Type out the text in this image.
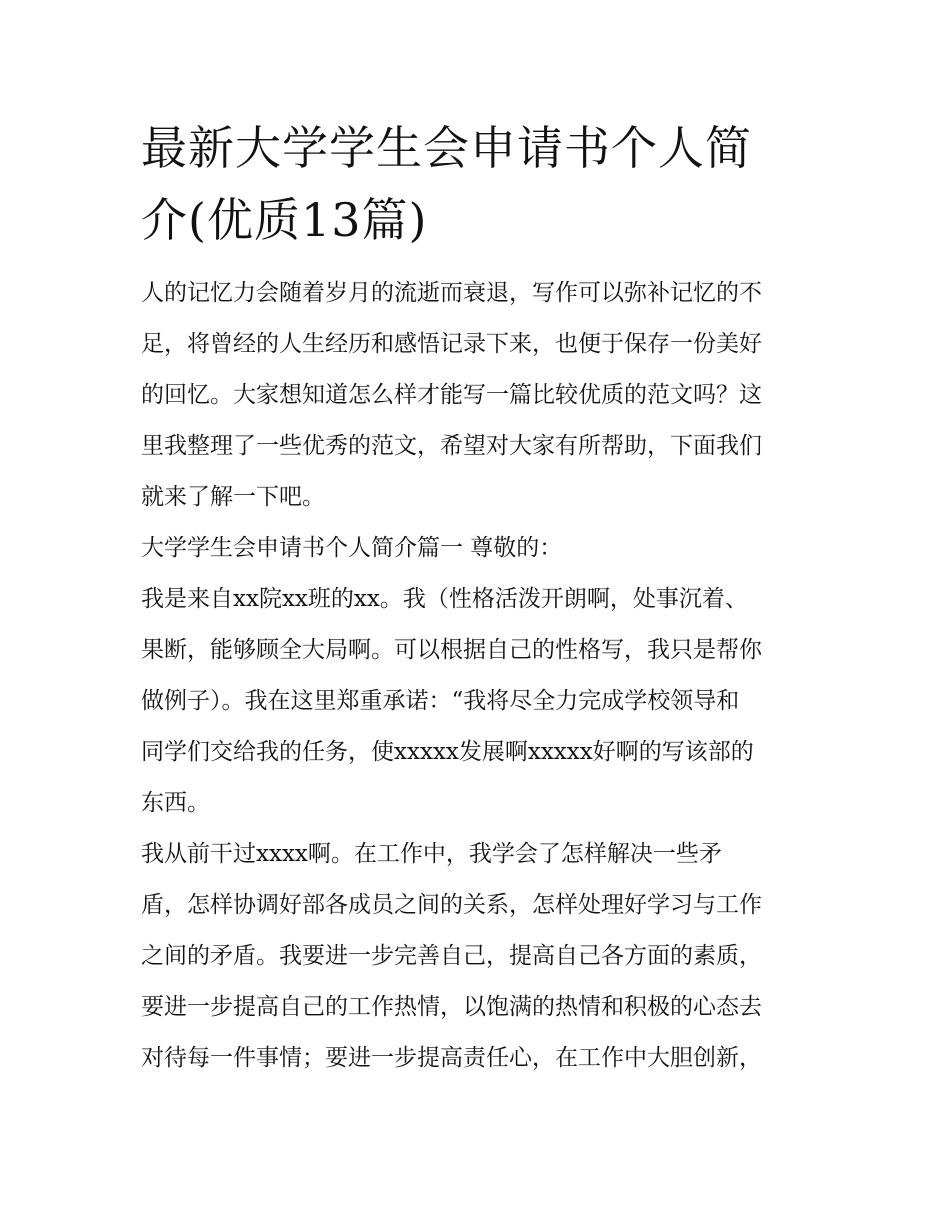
最新大学学生会申请书个人简
介(优质13篇)
人的记忆力会随着岁月的流逝而衰退，写作可以弥补记忆的不
足，将曾经的人生经历和感悟记录下来，也便于保存一份美好
的回忆。大家想知道怎么样才能写一篇比较优质的范文吗？这
里我整理了一些优秀的范文，希望对大家有所帮助，下面我们
就来了解一下吧。
大学学生会申请书个人简介篇一 尊敬的：
我是来自xx院xx班的xx。我（性格活泼开朗啊，处事沉着、
果断，能够顾全大局啊。可以根据自己的性格写，我只是帮你
做例子）。我在这里郑重承诺：“我将尽全力完成学校领导和
同学们交给我的任务，使xxxxx发展啊xxxxx好啊的写该部的
东西。
我从前干过xxxx啊。在工作中，我学会了怎样解决一些矛
盾，怎样协调好部各成员之间的关系，怎样处理好学习与工作
之间的矛盾。我要进一步完善自己，提高自己各方面的素质，
要进一步提高自己的工作热情，以饱满的热情和积极的心态去
对待每一件事情；要进一步提高责任心，在工作中大胆创新，
